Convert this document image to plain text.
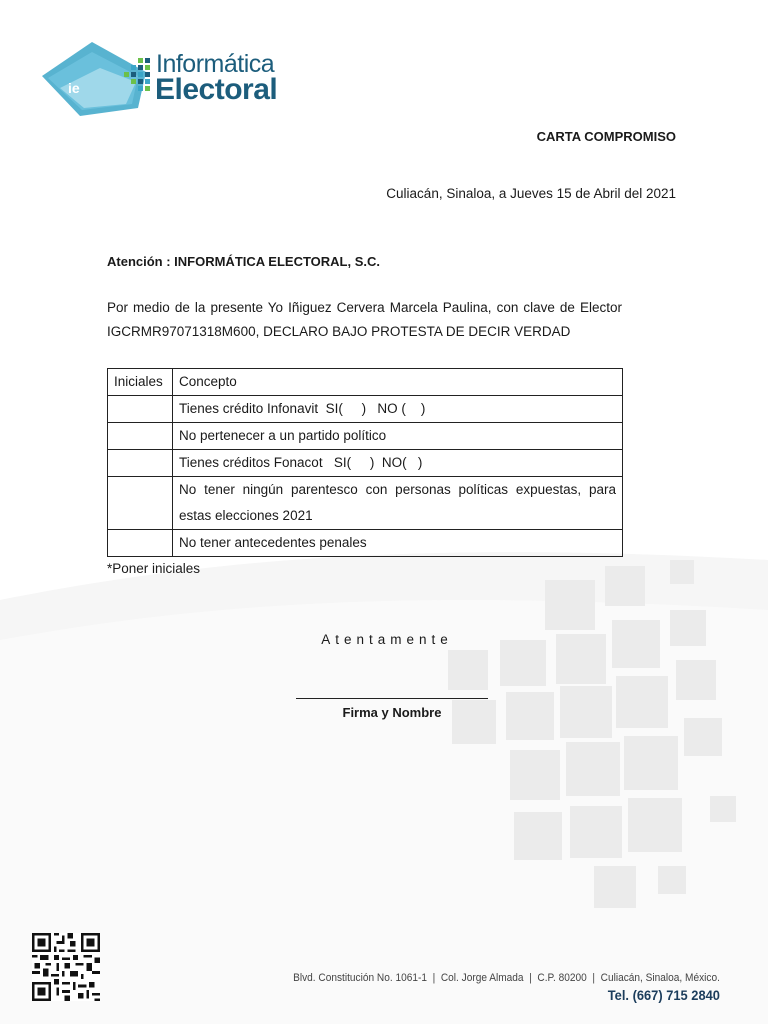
ie
Informática
Electoral
CARTA COMPROMISO
Culiacán, Sinaloa, a Jueves 15 de Abril del 2021
Atención : INFORMÁTICA ELECTORAL, S.C.

Por medio de la presente Yo Iñiguez Cervera Marcela Paulina, con clave de Elector IGCRMR97071318M600, DECLARO BAJO PROTESTA DE DECIR VERDAD

Iniciales	Concepto
	Tienes crédito Infonavit  SI(     )   NO (    )
	No pertenecer a un partido político
	Tienes créditos Fonacot   SI(     )  NO(   )
	No tener ningún parentesco con personas políticas expuestas, para estas elecciones 2021
	No tener antecedentes penales
*Poner iniciales
Atentamente
Firma y Nombre
Blvd. Constitución No. 1061-1  |  Col. Jorge Almada  |  C.P. 80200  |  Culiacán, Sinaloa, México.
Tel. (667) 715 2840
